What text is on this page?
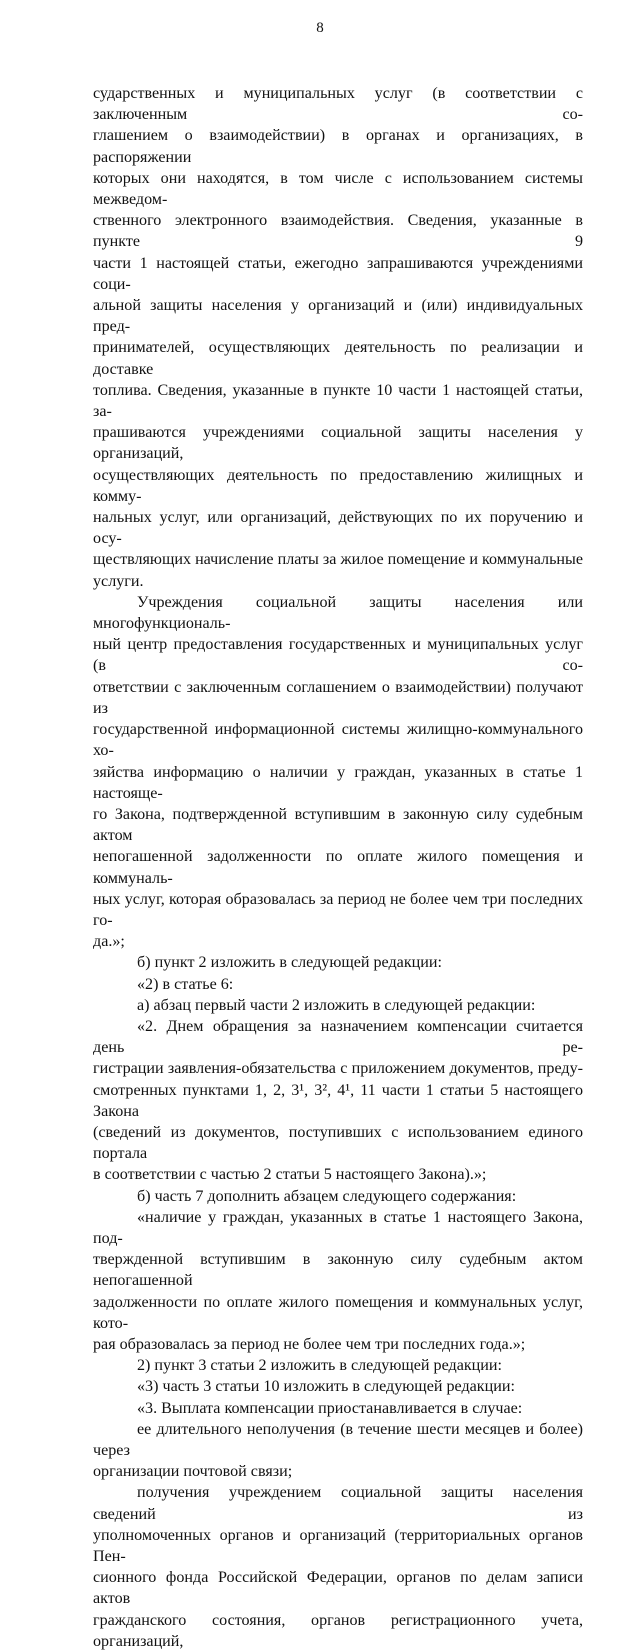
8

сударственных и муниципальных услуг (в соответствии с заключенным со-

глашением о взаимодействии) в органах и организациях, в распоряжении

которых они находятся, в том числе с использованием системы межведом-

ственного электронного взаимодействия. Сведения, указанные в пункте 9

части 1 настоящей статьи, ежегодно запрашиваются учреждениями соци-

альной защиты населения у организаций и (или) индивидуальных пред-

принимателей, осуществляющих деятельность по реализации и доставке

топлива. Сведения, указанные в пункте 10 части 1 настоящей статьи, за-

прашиваются учреждениями социальной защиты населения у организаций,

осуществляющих деятельность по предоставлению жилищных и комму-

нальных услуг, или организаций, действующих по их поручению и осу-

ществляющих начисление платы за жилое помещение и коммунальные

услуги.

Учреждения социальной защиты населения или многофункциональ-

ный центр предоставления государственных и муниципальных услуг (в со-

ответствии с заключенным соглашением о взаимодействии) получают из

государственной информационной системы жилищно-коммунального хо-

зяйства информацию о наличии у граждан, указанных в статье 1 настояще-

го Закона, подтвержденной вступившим в законную силу судебным актом

непогашенной задолженности по оплате жилого помещения и коммуналь-

ных услуг, которая образовалась за период не более чем три последних го-

да.»;

б) пункт 2 изложить в следующей редакции:

«2) в статье 6:

а) абзац первый части 2 изложить в следующей редакции:

«2. Днем обращения за назначением компенсации считается день ре-

гистрации заявления-обязательства с приложением документов, преду-

смотренных пунктами 1, 2, 3¹, 3², 4¹, 11 части 1 статьи 5 настоящего Закона

(сведений из документов, поступивших с использованием единого портала

в соответствии с частью 2 статьи 5 настоящего Закона).»;

б) часть 7 дополнить абзацем следующего содержания:

«наличие у граждан, указанных в статье 1 настоящего Закона, под-

твержденной вступившим в законную силу судебным актом непогашенной

задолженности по оплате жилого помещения и коммунальных услуг, кото-

рая образовалась за период не более чем три последних года.»;

2) пункт 3 статьи 2 изложить в следующей редакции:

«3) часть 3 статьи 10 изложить в следующей редакции:

«3. Выплата компенсации приостанавливается в случае:

ее длительного неполучения (в течение шести месяцев и более) через

организации почтовой связи;

получения учреждением социальной защиты населения сведений из

уполномоченных органов и организаций (территориальных органов Пен-

сионного фонда Российской Федерации, органов по делам записи актов

гражданского состояния, органов регистрационного учета, организаций,
